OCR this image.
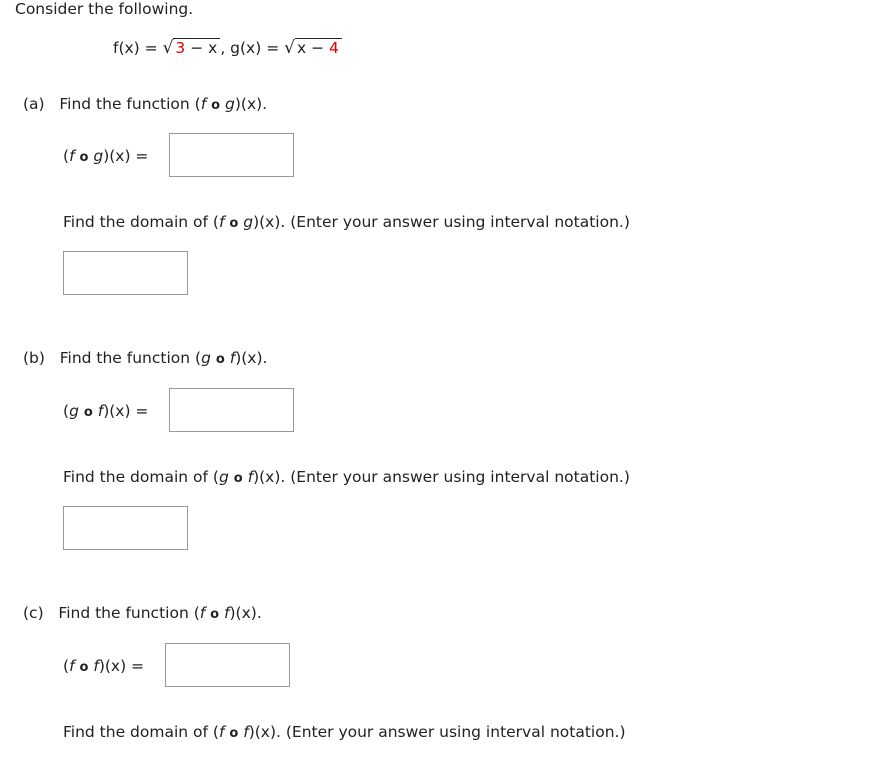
Consider the following.
f(x) = √ 3 − x , g(x) = √ x − 4
(a) Find the function (f o g)(x).
(f o g)(x) =
Find the domain of (f o g)(x). (Enter your answer using interval notation.)
(b) Find the function (g o f)(x).
(g o f)(x) =
Find the domain of (g o f)(x). (Enter your answer using interval notation.)
(c) Find the function (f o f)(x).
(f o f)(x) =
Find the domain of (f o f)(x). (Enter your answer using interval notation.)
